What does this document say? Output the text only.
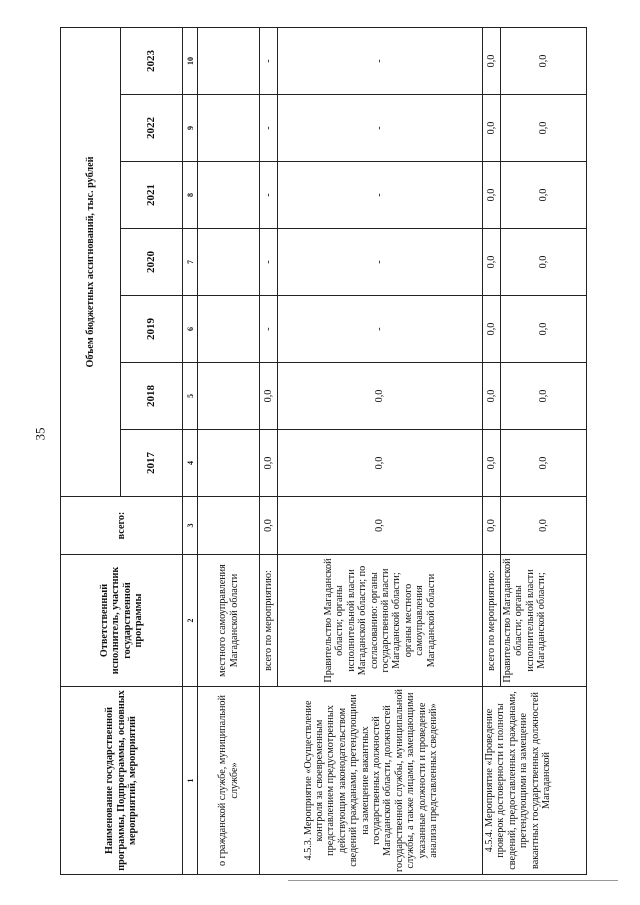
35
Наименование государственной программы, Подпрограммы, основных мероприятий, мероприятий	Ответственный исполнитель, участник государственной программы	всего:	Объем бюджетных ассигнований, тыс. рублей						
			2017	2018	2019	2020	2021	2022	2023
1	2	3	4	5	6	7	8	9	10
о гражданской службе, муниципальной службе»	местного самоуправления Магаданской области								
4.5.3. Мероприятие «Осуществление контроля за своевременным представлением предусмотренных действующим законодательством сведений гражданами, претендующими на замещение вакантных государственных должностей Магаданской области, должностей государственной службы, муниципальной службы, а также лицами, замещающими указанные должности и проведение анализа представленных сведений»	всего по мероприятию:	0,0	0,0	0,0	-	-	-	-	-
	Правительство Магаданской области; органы исполнительной власти Магаданской области; по согласованию: органы государственной власти Магаданской области; органы местного самоуправления Магаданской области	0,0	0,0	0,0	-	-	-	-	-
4.5.4. Мероприятие «Проведение проверок достоверности и полноты сведений, предоставленных гражданами, претендующими на замещение вакантных государственных должностей Магаданской	всего по мероприятию:	0,0	0,0	0,0	0,0	0,0	0,0	0,0	0,0
	Правительство Магаданской области; органы исполнительной власти Магаданской области;	0,0	0,0	0,0	0,0	0,0	0,0	0,0	0,0
